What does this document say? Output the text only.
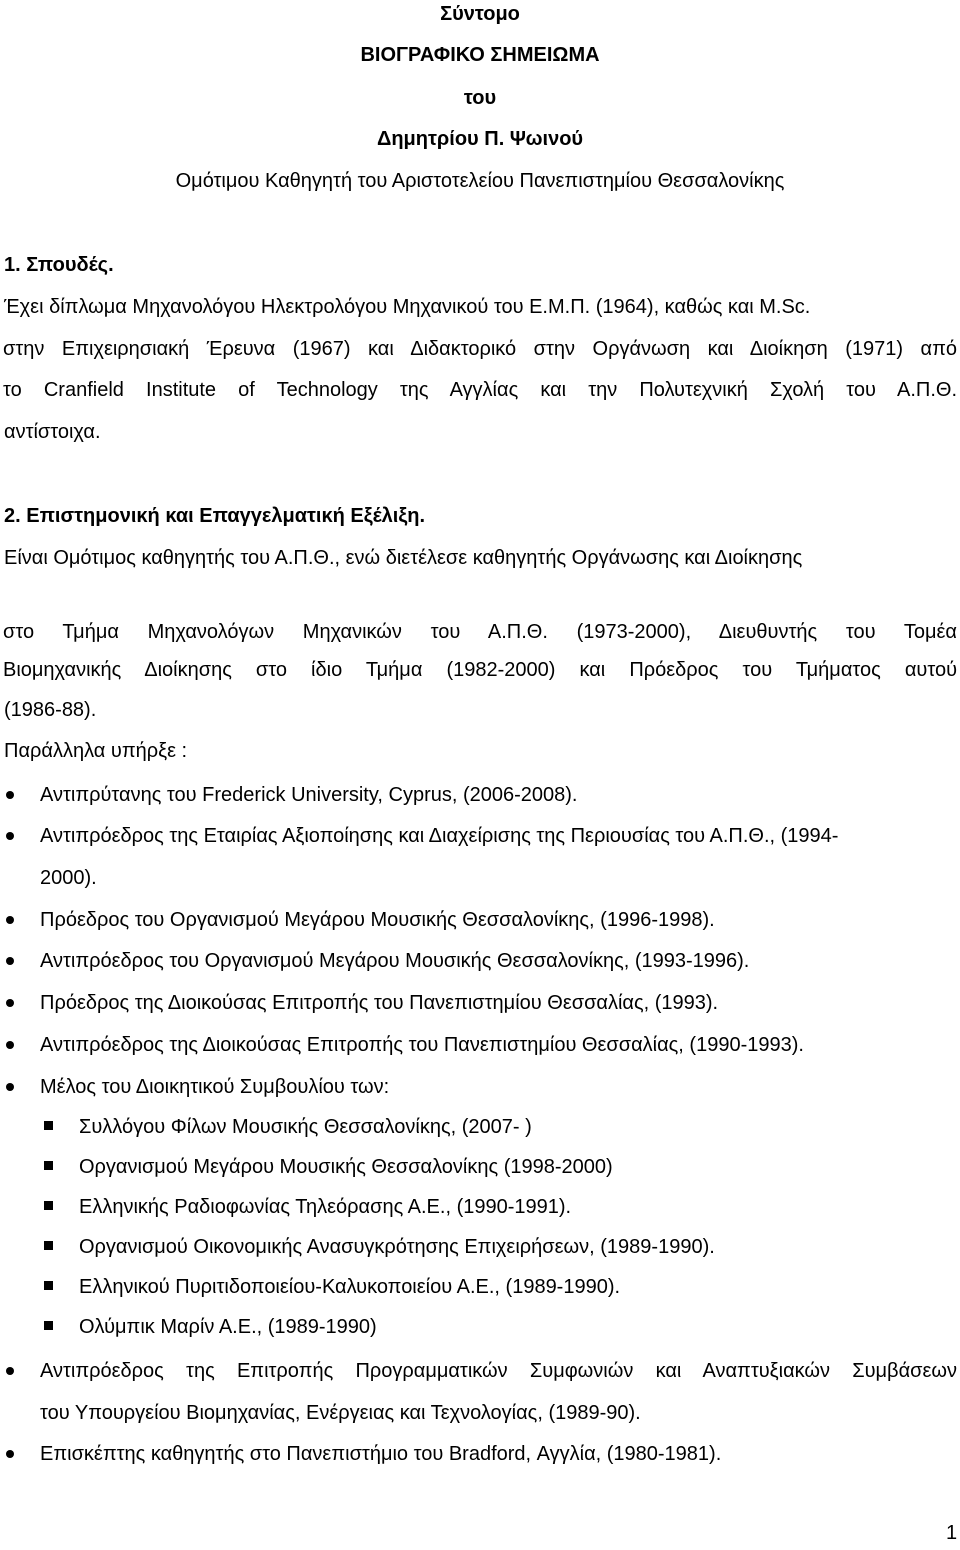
Σύντομο
ΒΙΟΓΡΑΦΙΚΟ ΣΗΜΕΙΩΜΑ
του
Δημητρίου Π. Ψωινού
Ομότιμου Καθηγητή του Αριστοτελείου Πανεπιστημίου Θεσσαλονίκης
1. Σπουδές.
Έχει δίπλωμα Μηχανολόγου Ηλεκτρολόγου Μηχανικού του Ε.Μ.Π. (1964), καθώς και M.Sc.
στην Επιχειρησιακή Έρευνα (1967) και Διδακτορικό στην Οργάνωση και Διοίκηση (1971) από
το Cranfield Institute of Technology της Αγγλίας και την Πολυτεχνική Σχολή του Α.Π.Θ.
αντίστοιχα.
2. Επιστημονική και Επαγγελματική Εξέλιξη.
Είναι Ομότιμος καθηγητής του Α.Π.Θ., ενώ διετέλεσε καθηγητής Οργάνωσης και Διοίκησης
στο Τμήμα Μηχανολόγων Μηχανικών του Α.Π.Θ. (1973-2000), Διευθυντής του Τομέα
Βιομηχανικής Διοίκησης στο ίδιο Τμήμα (1982-2000) και Πρόεδρος του Τμήματος αυτού
(1986-88).
Παράλληλα υπήρξε :
Αντιπρύτανης του Frederick University, Cyprus, (2006-2008).
Αντιπρόεδρος της Εταιρίας Αξιοποίησης και Διαχείρισης της Περιουσίας του Α.Π.Θ., (1994-
2000).
Πρόεδρος του Οργανισμού Μεγάρου Μουσικής Θεσσαλονίκης, (1996-1998).
Αντιπρόεδρος του Οργανισμού Μεγάρου Μουσικής Θεσσαλονίκης, (1993-1996).
Πρόεδρος της Διοικούσας Επιτροπής του Πανεπιστημίου Θεσσαλίας, (1993).
Αντιπρόεδρος της Διοικούσας Επιτροπής του Πανεπιστημίου Θεσσαλίας, (1990-1993).
Μέλος του Διοικητικού Συμβουλίου των:
Συλλόγου Φίλων Μουσικής Θεσσαλονίκης, (2007- )
Οργανισμού Μεγάρου Μουσικής Θεσσαλονίκης (1998-2000)
Ελληνικής Ραδιοφωνίας Τηλεόρασης Α.Ε., (1990-1991).
Οργανισμού Οικονομικής Ανασυγκρότησης Επιχειρήσεων, (1989-1990).
Ελληνικού Πυριτιδοποιείου-Καλυκοποιείου Α.Ε., (1989-1990).
Ολύμπικ Μαρίν Α.Ε., (1989-1990)
Αντιπρόεδρος της Επιτροπής Προγραμματικών Συμφωνιών και Αναπτυξιακών Συμβάσεων
του Υπουργείου Βιομηχανίας, Ενέργειας και Τεχνολογίας, (1989-90).
Επισκέπτης καθηγητής στο Πανεπιστήμιο του Bradford, Αγγλία, (1980-1981).
1
